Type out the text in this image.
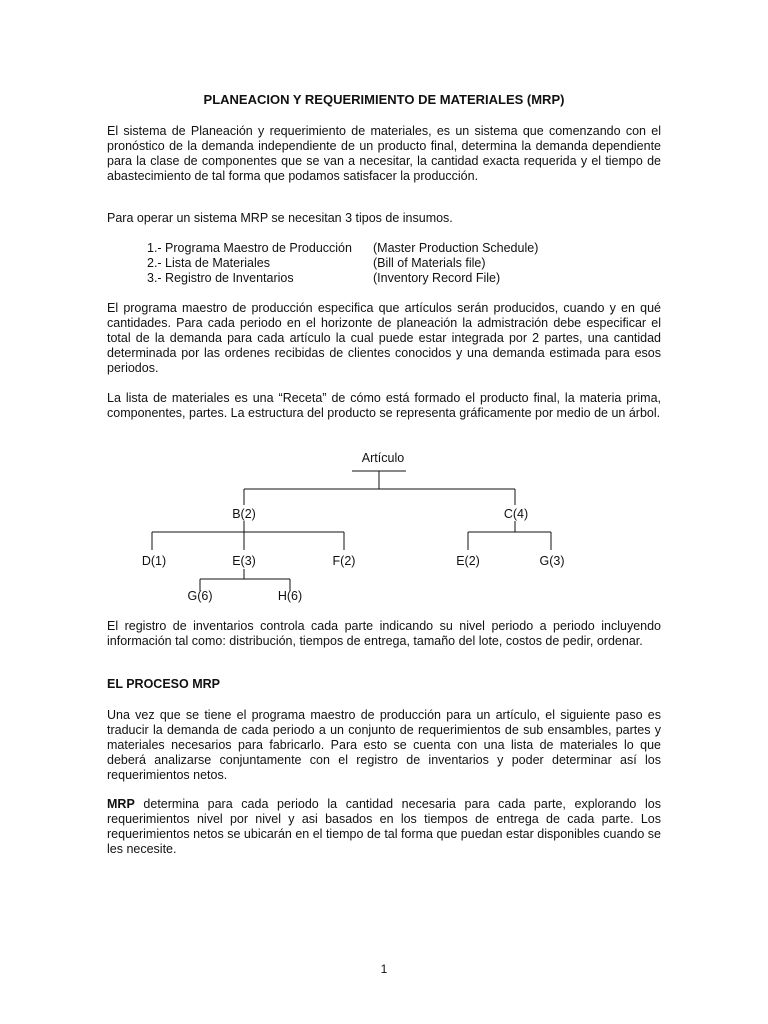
PLANEACION Y REQUERIMIENTO DE MATERIALES (MRP)

El sistema de Planeación y requerimiento de materiales, es un sistema que comenzando con el pronóstico de la demanda independiente de un producto final, determina la demanda dependiente para la clase de componentes que se van a necesitar, la cantidad exacta requerida y el tiempo de abastecimiento de tal forma que podamos satisfacer la producción.

Para operar un sistema MRP se necesitan 3 tipos de insumos.

1.- Programa Maestro de Producción	(Master Production Schedule)
2.- Lista de Materiales	(Bill of Materials file)
3.- Registro de Inventarios	(Inventory Record File)

El programa maestro de producción especifica que artículos serán producidos, cuando y en qué cantidades. Para cada periodo en el horizonte de planeación la admistración debe especificar el total de la demanda para cada artículo la cual puede estar integrada por 2 partes, una cantidad determinada por las ordenes recibidas de clientes conocidos y una demanda estimada para esos periodos.

La lista de materiales es una “Receta” de cómo está formado el producto final, la materia prima, componentes, partes. La estructura del producto se representa gráficamente por medio de un árbol.

Artículo
B(2)	C(4)
D(1)	E(3)	F(2)	E(2)	G(3)
G(6)	H(6)

El registro de inventarios controla cada parte indicando su nivel periodo a periodo incluyendo información tal como: distribución, tiempos de entrega, tamaño del lote, costos de pedir, ordenar.

EL PROCESO MRP

Una vez que se tiene el programa maestro de producción para un artículo, el siguiente paso es traducir la demanda de cada periodo a un conjunto de requerimientos de sub ensambles, partes y materiales necesarios para fabricarlo. Para esto se cuenta con una lista de materiales lo que deberá analizarse conjuntamente con el registro de inventarios y poder determinar así los requerimientos netos.

MRP determina para cada periodo la cantidad necesaria para cada parte, explorando los requerimientos nivel por nivel y asi basados en los tiempos de entrega de cada parte. Los requerimientos netos se ubicarán en el tiempo de tal forma que puedan estar disponibles cuando se les necesite.

1
